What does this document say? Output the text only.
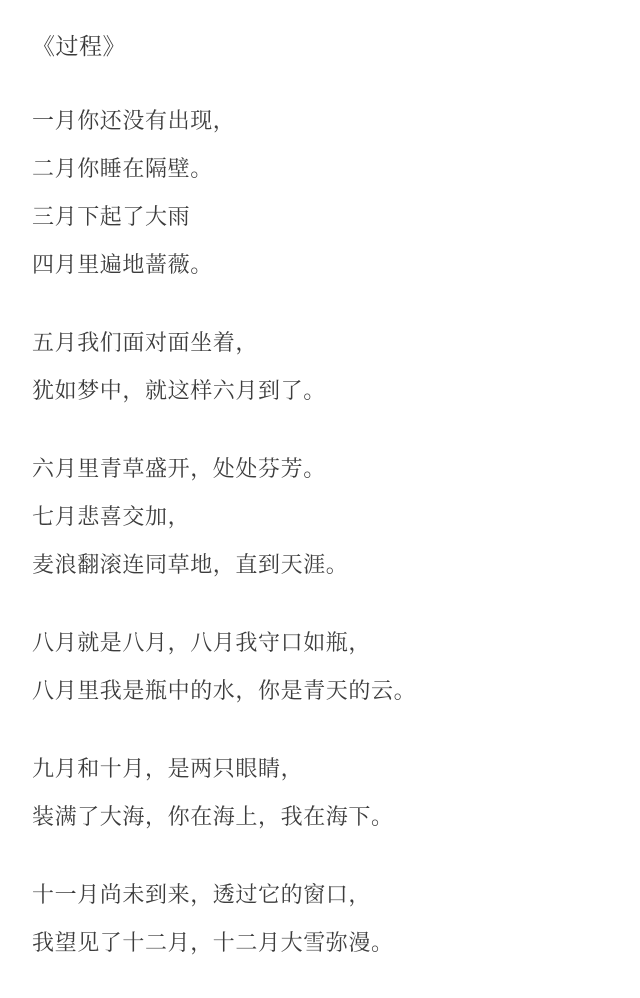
《过程》
一月你还没有出现，
二月你睡在隔壁。
三月下起了大雨
四月里遍地蔷薇。
五月我们面对面坐着，
犹如梦中，就这样六月到了。
六月里青草盛开，处处芬芳。
七月悲喜交加，
麦浪翻滚连同草地，直到天涯。
八月就是八月，八月我守口如瓶，
八月里我是瓶中的水，你是青天的云。
九月和十月，是两只眼睛，
装满了大海，你在海上，我在海下。
十一月尚未到来，透过它的窗口，
我望见了十二月，十二月大雪弥漫。
